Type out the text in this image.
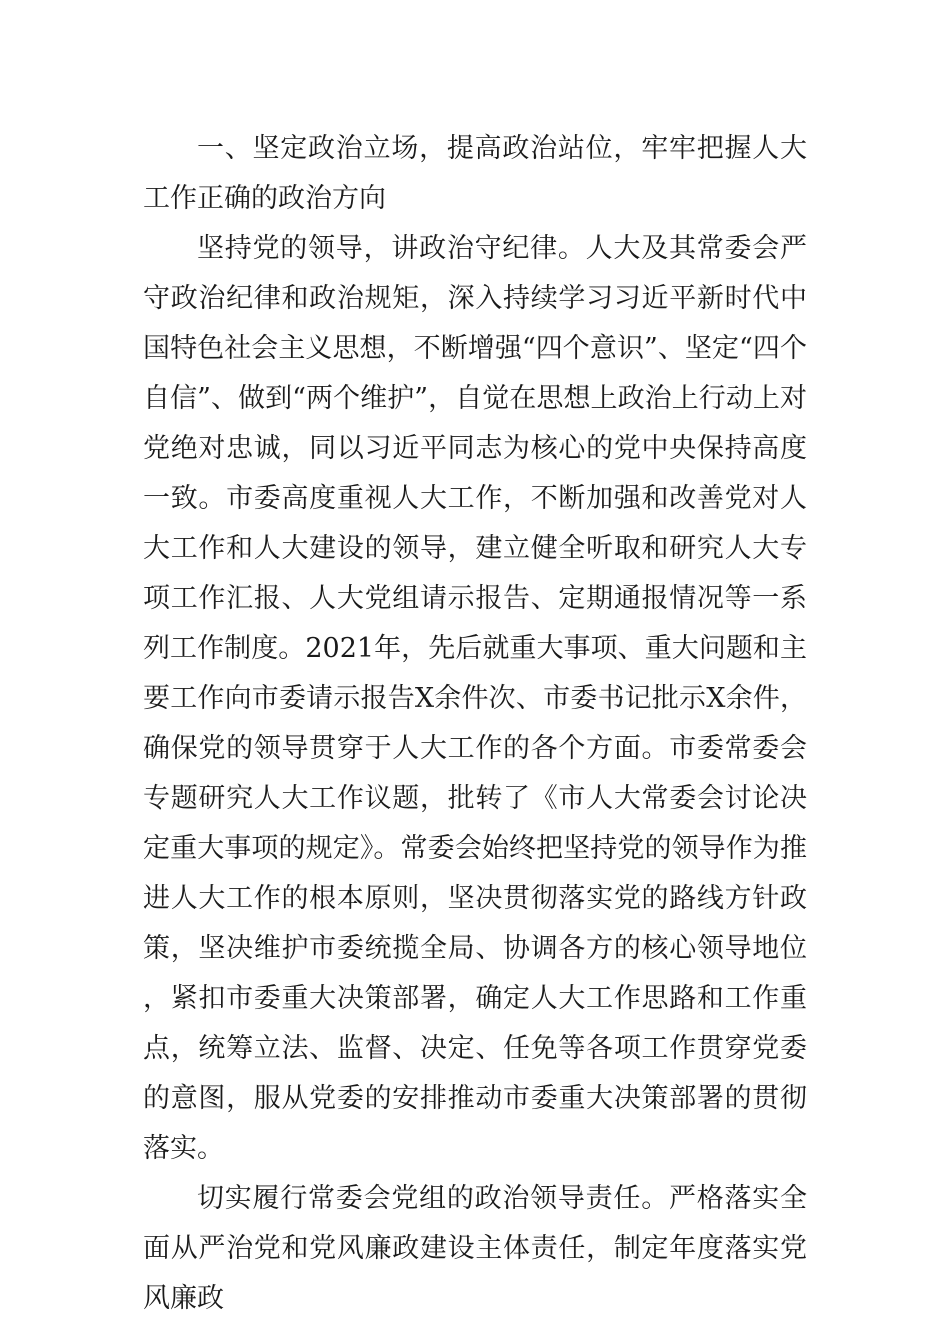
一、坚定政治立场，提高政治站位，牢牢把握人大工作正确的政治方向

坚持党的领导，讲政治守纪律。人大及其常委会严守政治纪律和政治规矩，深入持续学习习近平新时代中国特色社会主义思想，不断增强“四个意识”、坚定“四个自信”、做到“两个维护”，自觉在思想上政治上行动上对党绝对忠诚，同以习近平同志为核心的党中央保持高度一致。市委高度重视人大工作，不断加强和改善党对人大工作和人大建设的领导，建立健全听取和研究人大专项工作汇报、人大党组请示报告、定期通报情况等一系列工作制度。2021年，先后就重大事项、重大问题和主要工作向市委请示报告X余件次、市委书记批示X余件，确保党的领导贯穿于人大工作的各个方面。市委常委会专题研究人大工作议题，批转了《市人大常委会讨论决定重大事项的规定》。常委会始终把坚持党的领导作为推进人大工作的根本原则，坚决贯彻落实党的路线方针政策，坚决维护市委统揽全局、协调各方的核心领导地位，紧扣市委重大决策部署，确定人大工作思路和工作重点，统筹立法、监督、决定、任免等各项工作贯穿党委的意图，服从党委的安排推动市委重大决策部署的贯彻落实。

切实履行常委会党组的政治领导责任。严格落实全面从严治党和党风廉政建设主体责任，制定年度落实党风廉政
